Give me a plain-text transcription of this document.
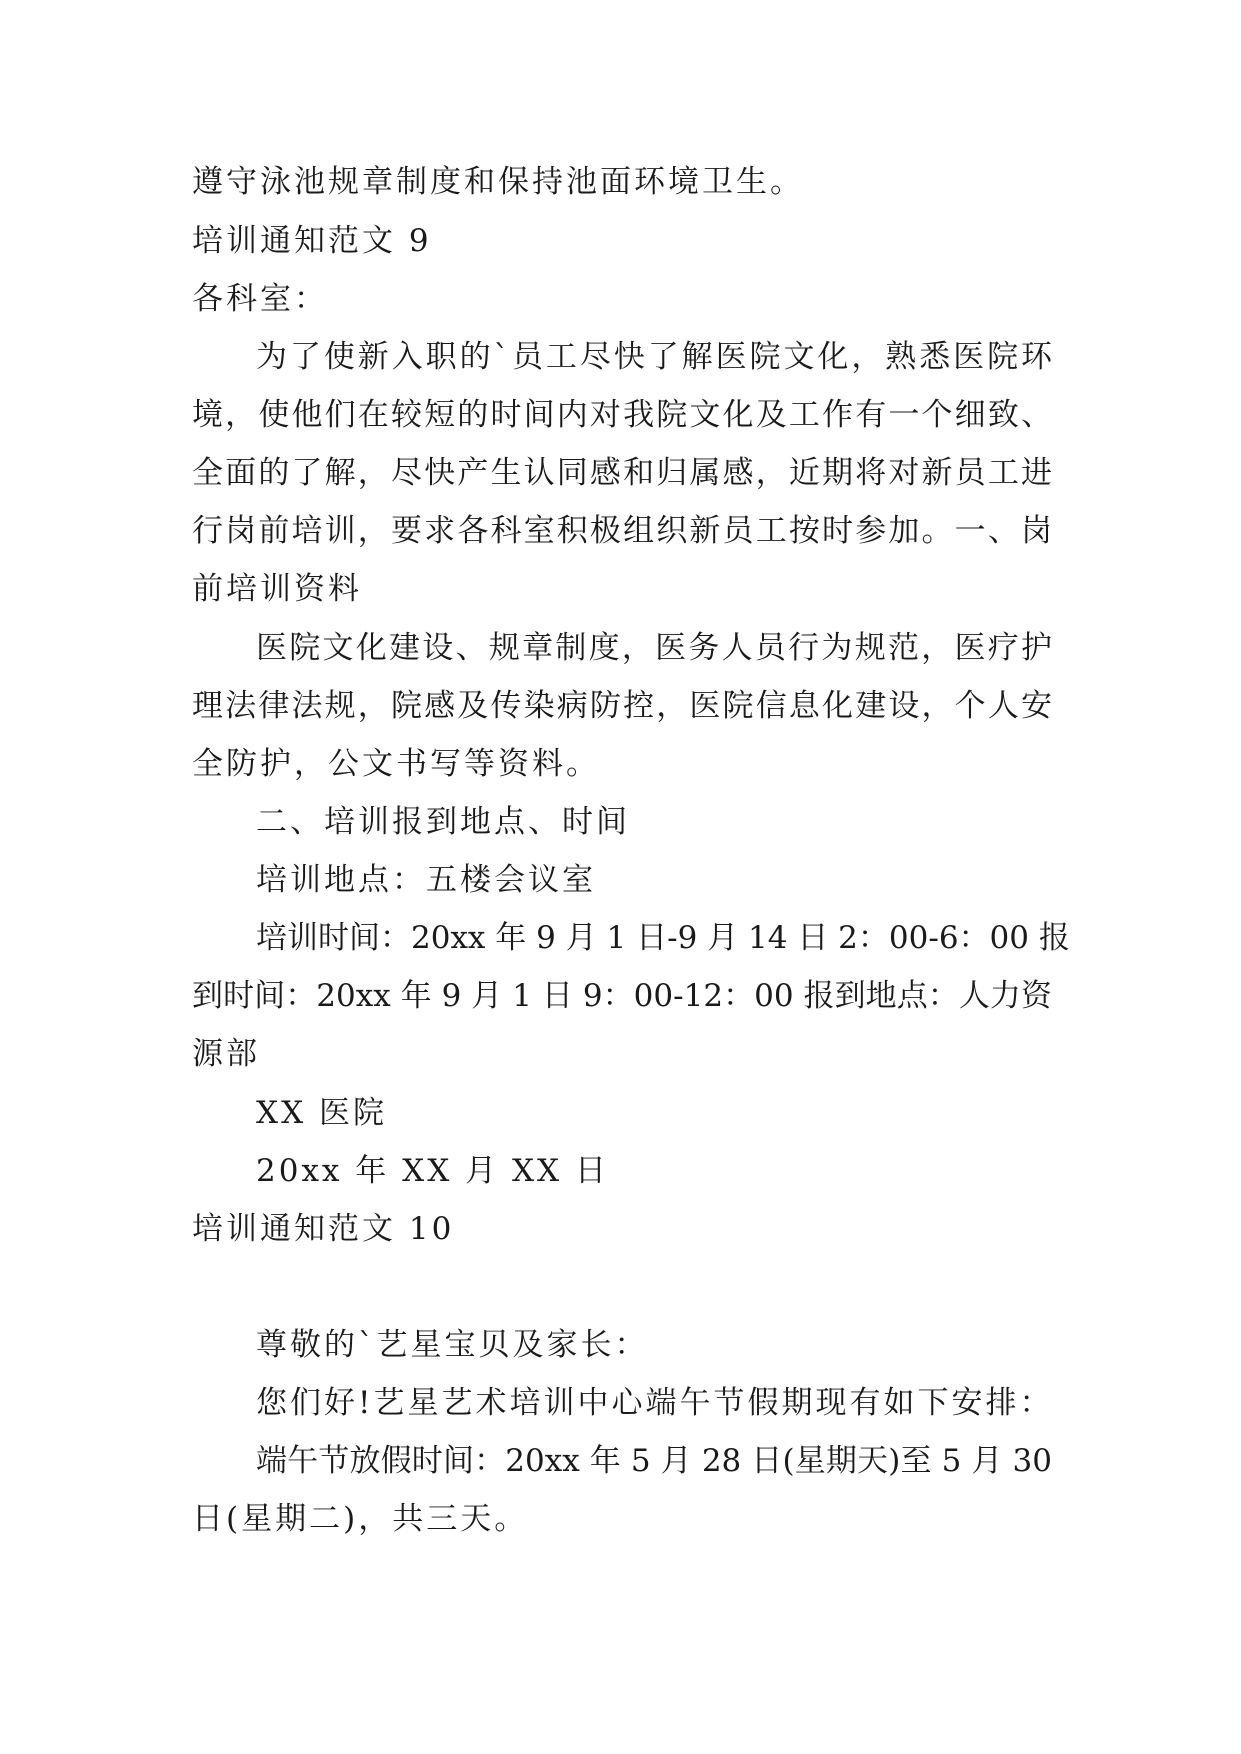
遵守泳池规章制度和保持池面环境卫生。
培训通知范文 9
各科室：
为了使新入职的`员工尽快了解医院文化，熟悉医院环
境，使他们在较短的时间内对我院文化及工作有一个细致、
全面的了解，尽快产生认同感和归属感，近期将对新员工进
行岗前培训，要求各科室积极组织新员工按时参加。一、岗
前培训资料
医院文化建设、规章制度，医务人员行为规范，医疗护
理法律法规，院感及传染病防控，医院信息化建设，个人安
全防护，公文书写等资料。
二、培训报到地点、时间
培训地点：五楼会议室
培训时间：20xx 年 9 月 1 日-9 月 14 日 2：00-6：00 报
到时间：20xx 年 9 月 1 日 9：00-12：00 报到地点：人力资
源部
XX 医院
20xx 年 XX 月 XX 日
培训通知范文 10
尊敬的`艺星宝贝及家长：
您们好!艺星艺术培训中心端午节假期现有如下安排：
端午节放假时间：20xx 年 5 月 28 日(星期天)至 5 月 30
日(星期二)，共三天。
